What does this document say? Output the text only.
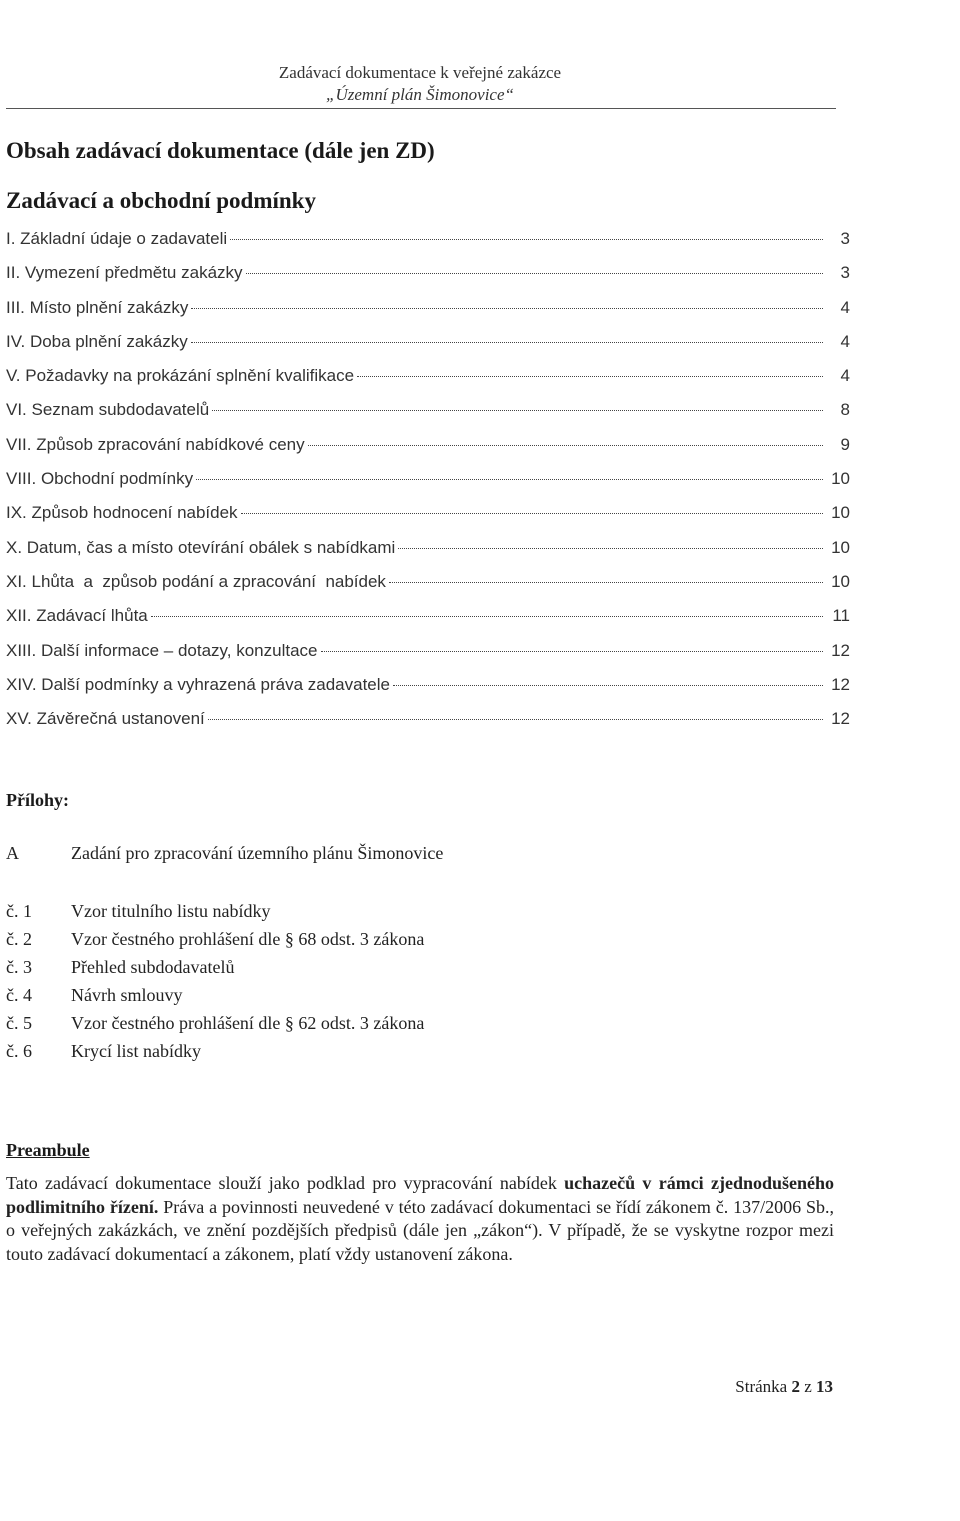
Zadávací dokumentace k veřejné zakázce
„Územní plán Šimonovice“
Obsah zadávací dokumentace (dále jen ZD)
Zadávací a obchodní podmínky
I. Základní údaje o zadavateli	3
II. Vymezení předmětu zakázky	3
III. Místo plnění zakázky	4
IV. Doba plnění zakázky	4
V. Požadavky na prokázání splnění kvalifikace	4
VI. Seznam subdodavatelů	8
VII. Způsob zpracování nabídkové ceny	9
VIII. Obchodní podmínky	10
IX. Způsob hodnocení nabídek	10
X. Datum, čas a místo otevírání obálek s nabídkami	10
XI. Lhůta  a  způsob podání a zpracování  nabídek	10
XII. Zadávací lhůta	11
XIII. Další informace – dotazy, konzultace	12
XIV. Další podmínky a vyhrazená práva zadavatele	12
XV. Závěrečná ustanovení	12
Přílohy:
A	Zadání pro zpracování územního plánu Šimonovice
č. 1 Vzor titulního listu nabídky
č. 2 Vzor čestného prohlášení dle § 68 odst. 3 zákona
č. 3 Přehled subdodavatelů
č. 4 Návrh smlouvy
č. 5 Vzor čestného prohlášení dle § 62 odst. 3 zákona
č. 6 Krycí list nabídky
Preambule

Tato zadávací dokumentace slouží jako podklad pro vypracování nabídek uchazečů v rámci zjednodušeného podlimitního řízení. Práva a povinnosti neuvedené v této zadávací dokumentaci se řídí zákonem č. 137/2006 Sb., o veřejných zakázkách, ve znění pozdějších předpisů (dále jen „zákon“). V případě, že se vyskytne rozpor mezi touto zadávací dokumentací a zákonem, platí vždy ustanovení zákona.

Stránka 2 z 13
